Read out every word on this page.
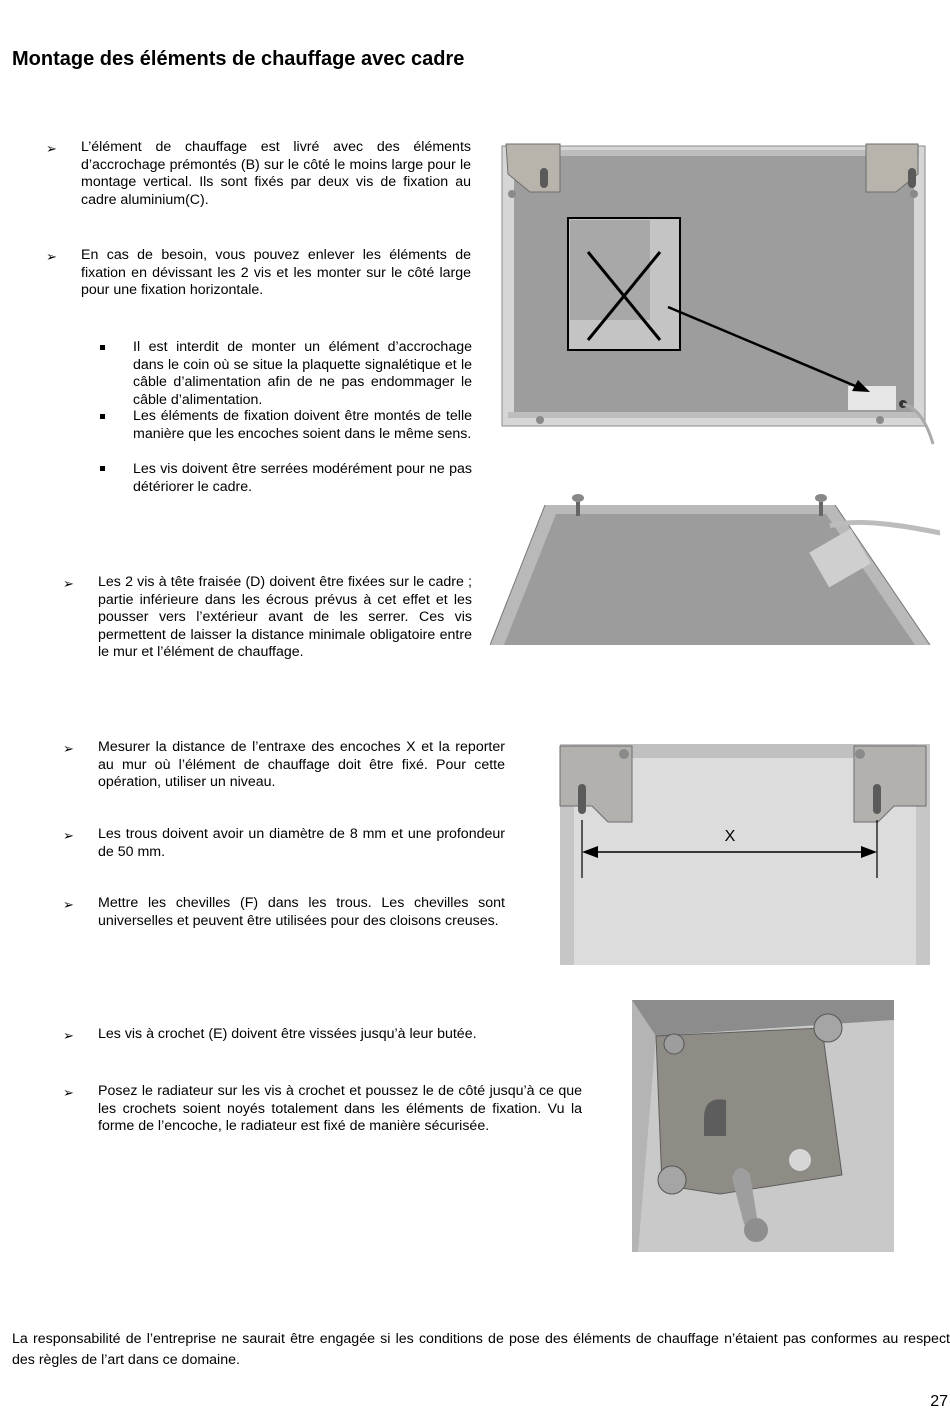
Montage des éléments de chauffage avec cadre
➢ L’élément de chauffage est livré avec des éléments d’accrochage prémontés (B) sur le côté le moins large pour le montage vertical. Ils sont fixés par deux vis de fixation au cadre aluminium(C).
➢ En cas de besoin, vous pouvez enlever les éléments de fixation en dévissant les 2 vis et les monter sur le côté large pour une fixation horizontale.
Il est interdit de monter un élément d’accrochage dans le coin où se situe la plaquette signalétique et le câble d’alimentation afin de ne pas endommager le câble d’alimentation.
Les éléments de fixation doivent être montés de telle manière que les encoches soient dans le même sens.
Les vis doivent être serrées modérément pour ne pas détériorer le cadre.
➢ Les 2 vis à tête fraisée (D) doivent être fixées sur le cadre ; partie inférieure dans les écrous prévus à cet effet et les pousser vers l’extérieur avant de les serrer. Ces vis permettent de laisser la distance minimale obligatoire entre le mur et l’élément de chauffage.
➢ Mesurer la distance de l’entraxe des encoches X et la reporter au mur où l’élément de chauffage doit être fixé. Pour cette opération, utiliser un niveau.
➢ Les trous doivent avoir un diamètre de 8 mm et une profondeur de 50 mm.
➢ Mettre les chevilles (F) dans les trous. Les chevilles sont universelles et peuvent être utilisées pour des cloisons creuses.
➢ Les vis à crochet (E) doivent être vissées jusqu’à leur butée.
➢ Posez le radiateur sur les vis à crochet et poussez le de côté jusqu’à ce que les crochets soient noyés totalement dans les éléments de fixation. Vu la forme de l’encoche, le radiateur est fixé de manière sécurisée.
X
La responsabilité de l’entreprise ne saurait être engagée si les conditions de pose des éléments de chauffage n’étaient pas conformes au respect des règles de l’art dans ce domaine.
27
